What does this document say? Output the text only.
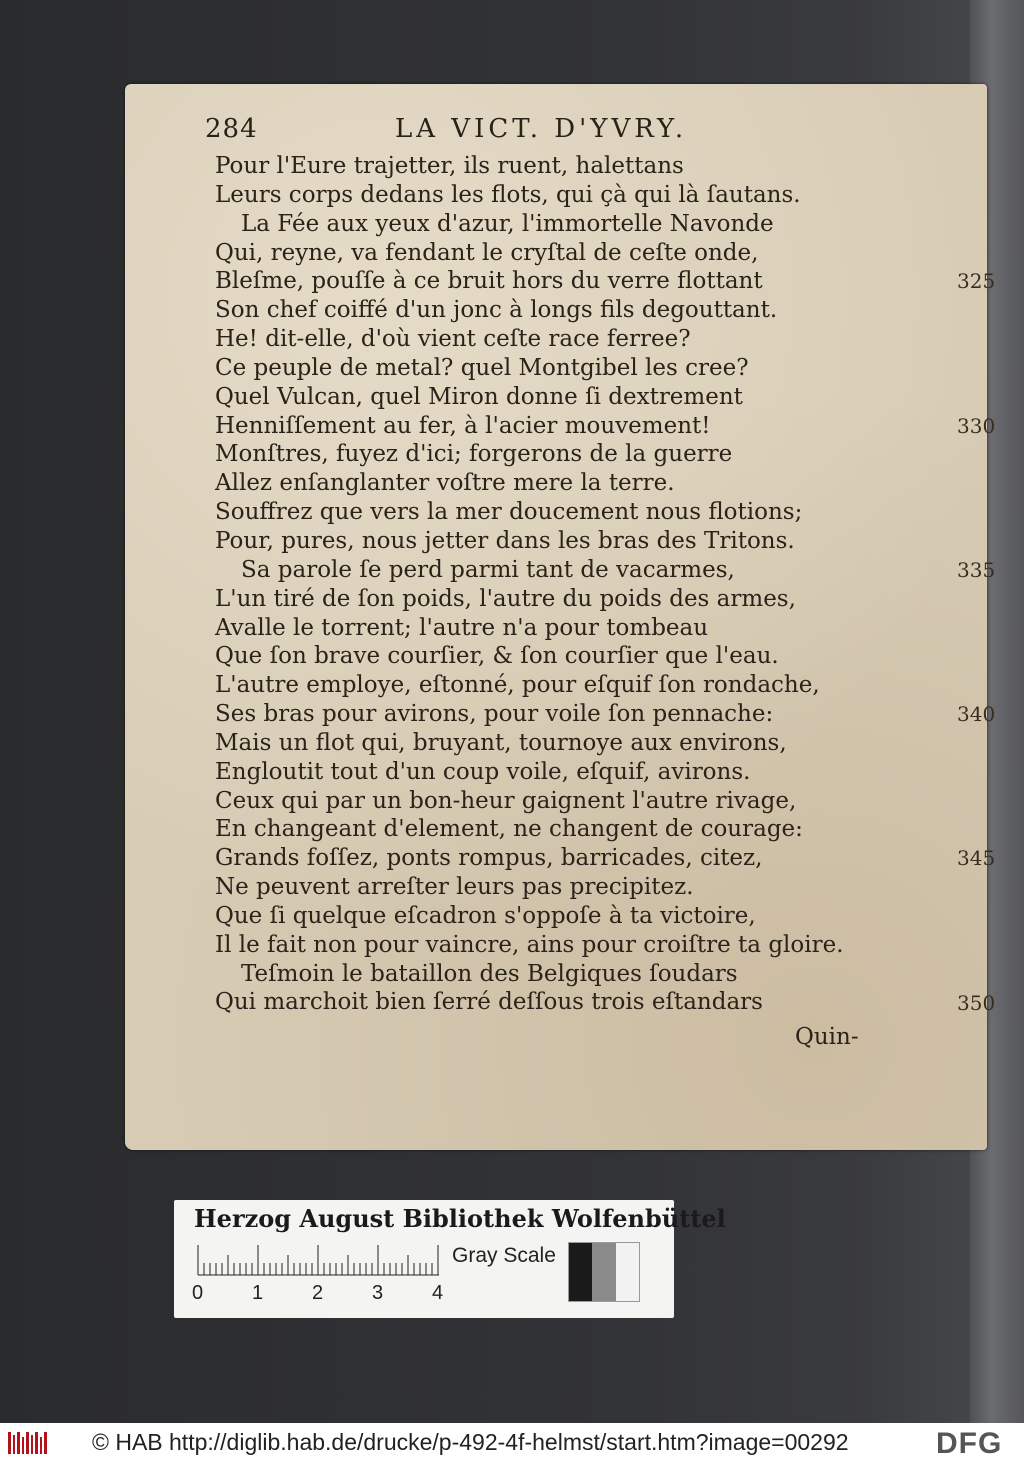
284	LA VICT. D'YVRY.
Pour l'Eure trajetter, ils ruent, halettans
Leurs corps dedans les flots, qui çà qui là ſautans.
La Fée aux yeux d'azur, l'immortelle Navonde
Qui, reyne, va fendant le cryſtal de ceſte onde,
Bleſme, pouſſe à ce bruit hors du verre flottant	325
Son chef coiffé d'un jonc à longs fils degouttant.
He! dit-elle, d'où vient ceſte race ferree?
Ce peuple de metal? quel Montgibel les cree?
Quel Vulcan, quel Miron donne ſi dextrement
Henniſſement au fer, à l'acier mouvement!	330
Monſtres, fuyez d'ici; forgerons de la guerre
Allez enſanglanter voſtre mere la terre.
Souffrez que vers la mer doucement nous flotions;
Pour, pures, nous jetter dans les bras des Tritons.
Sa parole ſe perd parmi tant de vacarmes,	335
L'un tiré de ſon poids, l'autre du poids des armes,
Avalle le torrent; l'autre n'a pour tombeau
Que ſon brave courſier, & ſon courſier que l'eau.
L'autre employe, eſtonné, pour eſquif ſon rondache,
Ses bras pour avirons, pour voile ſon pennache:	340
Mais un flot qui, bruyant, tournoye aux environs,
Engloutit tout d'un coup voile, eſquif, avirons.
Ceux qui par un bon-heur gaignent l'autre rivage,
En changeant d'element, ne changent de courage:
Grands foſſez, ponts rompus, barricades, citez,	345
Ne peuvent arreſter leurs pas precipitez.
Que ſi quelque eſcadron s'oppoſe à ta victoire,
Il le fait non pour vaincre, ains pour croiſtre ta gloire.
Teſmoin le bataillon des Belgiques ſoudars
Qui marchoit bien ſerré deſſous trois eſtandars	350
Quin-
Herzog August Bibliothek Wolfenbüttel
Gray Scale
0 1 2 3 4
© HAB http://diglib.hab.de/drucke/p-492-4f-helmst/start.htm?image=00292	DFG
